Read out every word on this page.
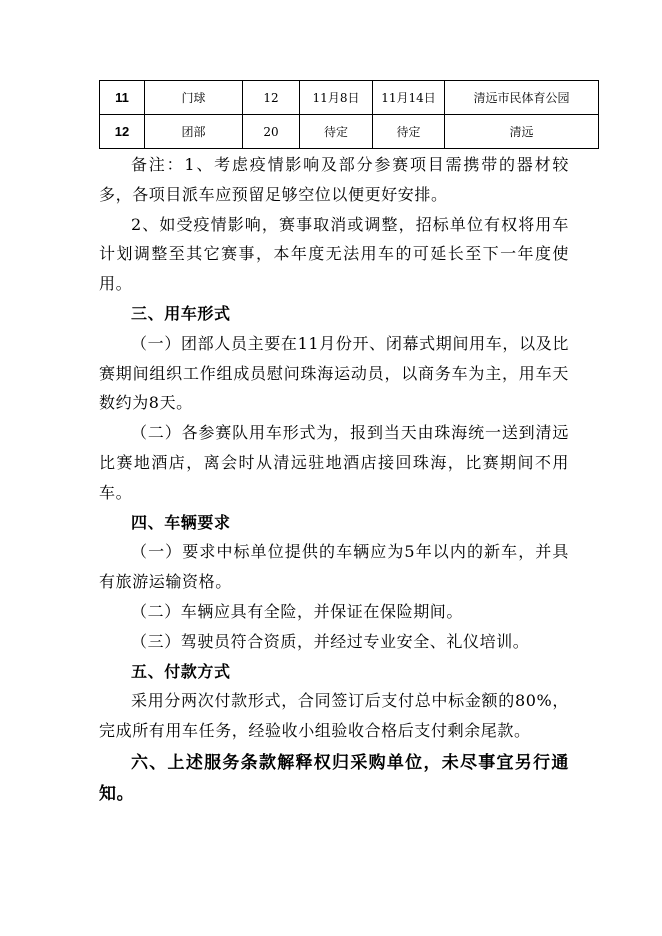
11	门球	12	11月8日	11月14日	清远市民体育公园
12	团部	20	待定	待定	清远

备注：1、考虑疫情影响及部分参赛项目需携带的器材较多，各项目派车应预留足够空位以便更好安排。

2、如受疫情影响，赛事取消或调整，招标单位有权将用车计划调整至其它赛事，本年度无法用车的可延长至下一年度使用。

三、用车形式

（一）团部人员主要在11月份开、闭幕式期间用车，以及比赛期间组织工作组成员慰问珠海运动员，以商务车为主，用车天数约为8天。

（二）各参赛队用车形式为，报到当天由珠海统一送到清远比赛地酒店，离会时从清远驻地酒店接回珠海，比赛期间不用车。

四、车辆要求

（一）要求中标单位提供的车辆应为5年以内的新车，并具有旅游运输资格。

（二）车辆应具有全险，并保证在保险期间。

（三）驾驶员符合资质，并经过专业安全、礼仪培训。

五、付款方式

采用分两次付款形式，合同签订后支付总中标金额的80%，完成所有用车任务，经验收小组验收合格后支付剩余尾款。

六、上述服务条款解释权归采购单位，未尽事宜另行通知。
